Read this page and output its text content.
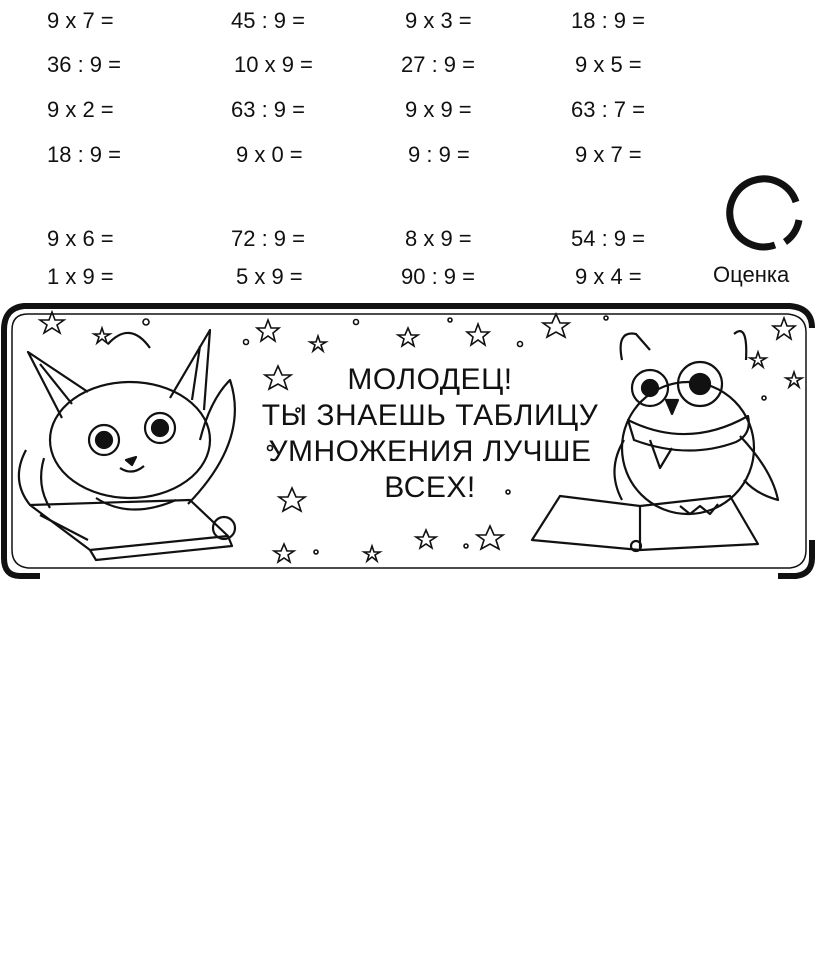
9 x 7 =	45 : 9 =	9 x 3 =	18 : 9 =
36 : 9 =	10 x 9 =	27 : 9 =	9 x 5 =
9 x 2 =	63 : 9 =	9 x 9 =	63 : 7 =
18 : 9 =	9 x 0 =	9 : 9 =	9 x 7 =
9 x 6 =	72 : 9 =	8 x 9 =	54 : 9 =
1 x 9 =	5 x 9 =	90 : 9 =	9 x 4 =	Оценка
МОЛОДЕЦ!
ТЫ ЗНАЕШЬ ТАБЛИЦУ
УМНОЖЕНИЯ ЛУЧШЕ
ВСЕХ!
